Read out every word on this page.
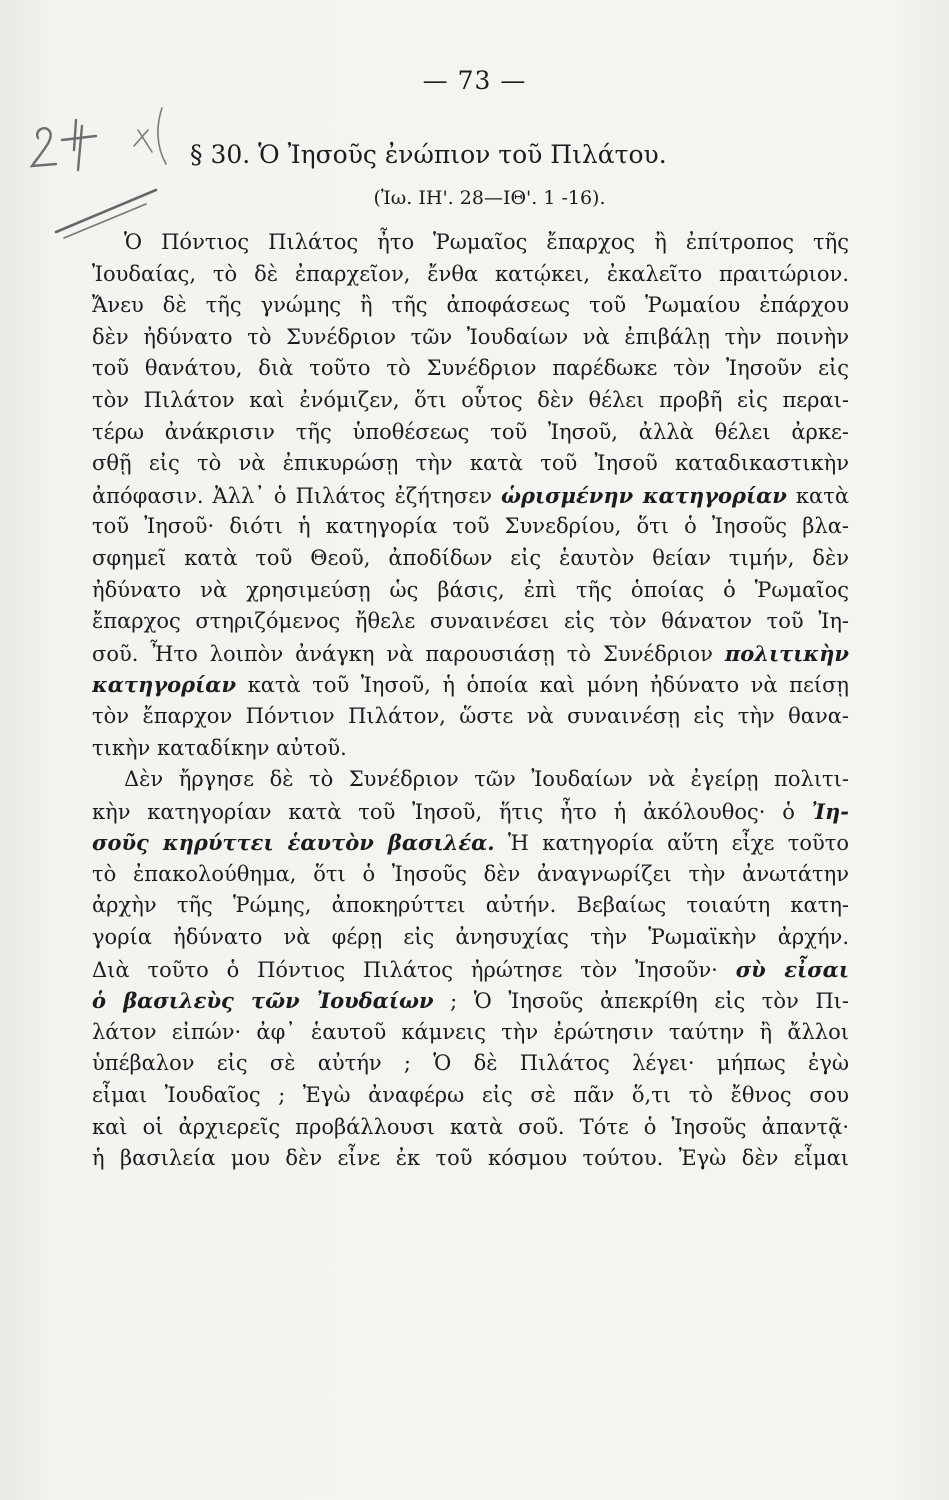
— 73 —
§ 30. Ὁ Ἰησοῦς ἐνώπιον τοῦ Πιλάτου.
(Ἰω. ΙΗ'. 28—ΙΘ'. 1 -16).
Ὁ Πόντιος Πιλάτος ἦτο Ῥωμαῖος ἔπαρχος ἢ ἐπίτροπος τῆς
Ἰουδαίας, τὸ δὲ ἐπαρχεῖον, ἔνθα κατῴκει, ἐκαλεῖτο πραιτώριον.
Ἄνευ δὲ τῆς γνώμης ἢ τῆς ἀποφάσεως τοῦ Ῥωμαίου ἐπάρχου
δὲν ἠδύνατο τὸ Συνέδριον τῶν Ἰουδαίων νὰ ἐπιβάλῃ τὴν ποινὴν
τοῦ θανάτου, διὰ τοῦτο τὸ Συνέδριον παρέδωκε τὸν Ἰησοῦν εἰς
τὸν Πιλάτον καὶ ἐνόμιζεν, ὅτι οὗτος δὲν θέλει προβῆ εἰς περαι-
τέρω ἀνάκρισιν τῆς ὑποθέσεως τοῦ Ἰησοῦ, ἀλλὰ θέλει ἀρκε-
σθῇ εἰς τὸ νὰ ἐπικυρώσῃ τὴν κατὰ τοῦ Ἰησοῦ καταδικαστικὴν
ἀπόφασιν. Ἀλλ᾽ ὁ Πιλάτος ἐζήτησεν ὡρισμένην κατηγορίαν κατὰ
τοῦ Ἰησοῦ· διότι ἡ κατηγορία τοῦ Συνεδρίου, ὅτι ὁ Ἰησοῦς βλα-
σφημεῖ κατὰ τοῦ Θεοῦ, ἀποδίδων εἰς ἑαυτὸν θείαν τιμήν, δὲν
ἠδύνατο νὰ χρησιμεύσῃ ὡς βάσις, ἐπὶ τῆς ὁποίας ὁ Ῥωμαῖος
ἔπαρχος στηριζόμενος ἤθελε συναινέσει εἰς τὸν θάνατον τοῦ Ἰη-
σοῦ. Ἦτο λοιπὸν ἀνάγκη νὰ παρουσιάσῃ τὸ Συνέδριον πολιτικὴν
κατηγορίαν κατὰ τοῦ Ἰησοῦ, ἡ ὁποία καὶ μόνη ἠδύνατο νὰ πείσῃ
τὸν ἔπαρχον Πόντιον Πιλάτον, ὥστε νὰ συναινέσῃ εἰς τὴν θανα-
τικὴν καταδίκην αὐτοῦ.
Δὲν ἤργησε δὲ τὸ Συνέδριον τῶν Ἰουδαίων νὰ ἐγείρῃ πολιτι-
κὴν κατηγορίαν κατὰ τοῦ Ἰησοῦ, ἥτις ἦτο ἡ ἀκόλουθος· ὁ Ἰη-
σοῦς κηρύττει ἑαυτὸν βασιλέα. Ἡ κατηγορία αὕτη εἶχε τοῦτο
τὸ ἐπακολούθημα, ὅτι ὁ Ἰησοῦς δὲν ἀναγνωρίζει τὴν ἀνωτάτην
ἀρχὴν τῆς Ῥώμης, ἀποκηρύττει αὐτήν. Βεβαίως τοιαύτη κατη-
γορία ἠδύνατο νὰ φέρῃ εἰς ἀνησυχίας τὴν Ῥωμαϊκὴν ἀρχήν.
Διὰ τοῦτο ὁ Πόντιος Πιλάτος ἠρώτησε τὸν Ἰησοῦν· σὺ εἶσαι
ὁ βασιλεὺς τῶν Ἰουδαίων ; Ὁ Ἰησοῦς ἀπεκρίθη εἰς τὸν Πι-
λάτον εἰπών· ἀφ᾽ ἑαυτοῦ κάμνεις τὴν ἐρώτησιν ταύτην ἢ ἄλλοι
ὑπέβαλον εἰς σὲ αὐτήν ; Ὁ δὲ Πιλάτος λέγει· μήπως ἐγὼ
εἶμαι Ἰουδαῖος ; Ἐγὼ ἀναφέρω εἰς σὲ πᾶν ὅ,τι τὸ ἔθνος σου
καὶ οἱ ἀρχιερεῖς προβάλλουσι κατὰ σοῦ. Τότε ὁ Ἰησοῦς ἀπαντᾷ·
ἡ βασιλεία μου δὲν εἶνε ἐκ τοῦ κόσμου τούτου. Ἐγὼ δὲν εἶμαι
